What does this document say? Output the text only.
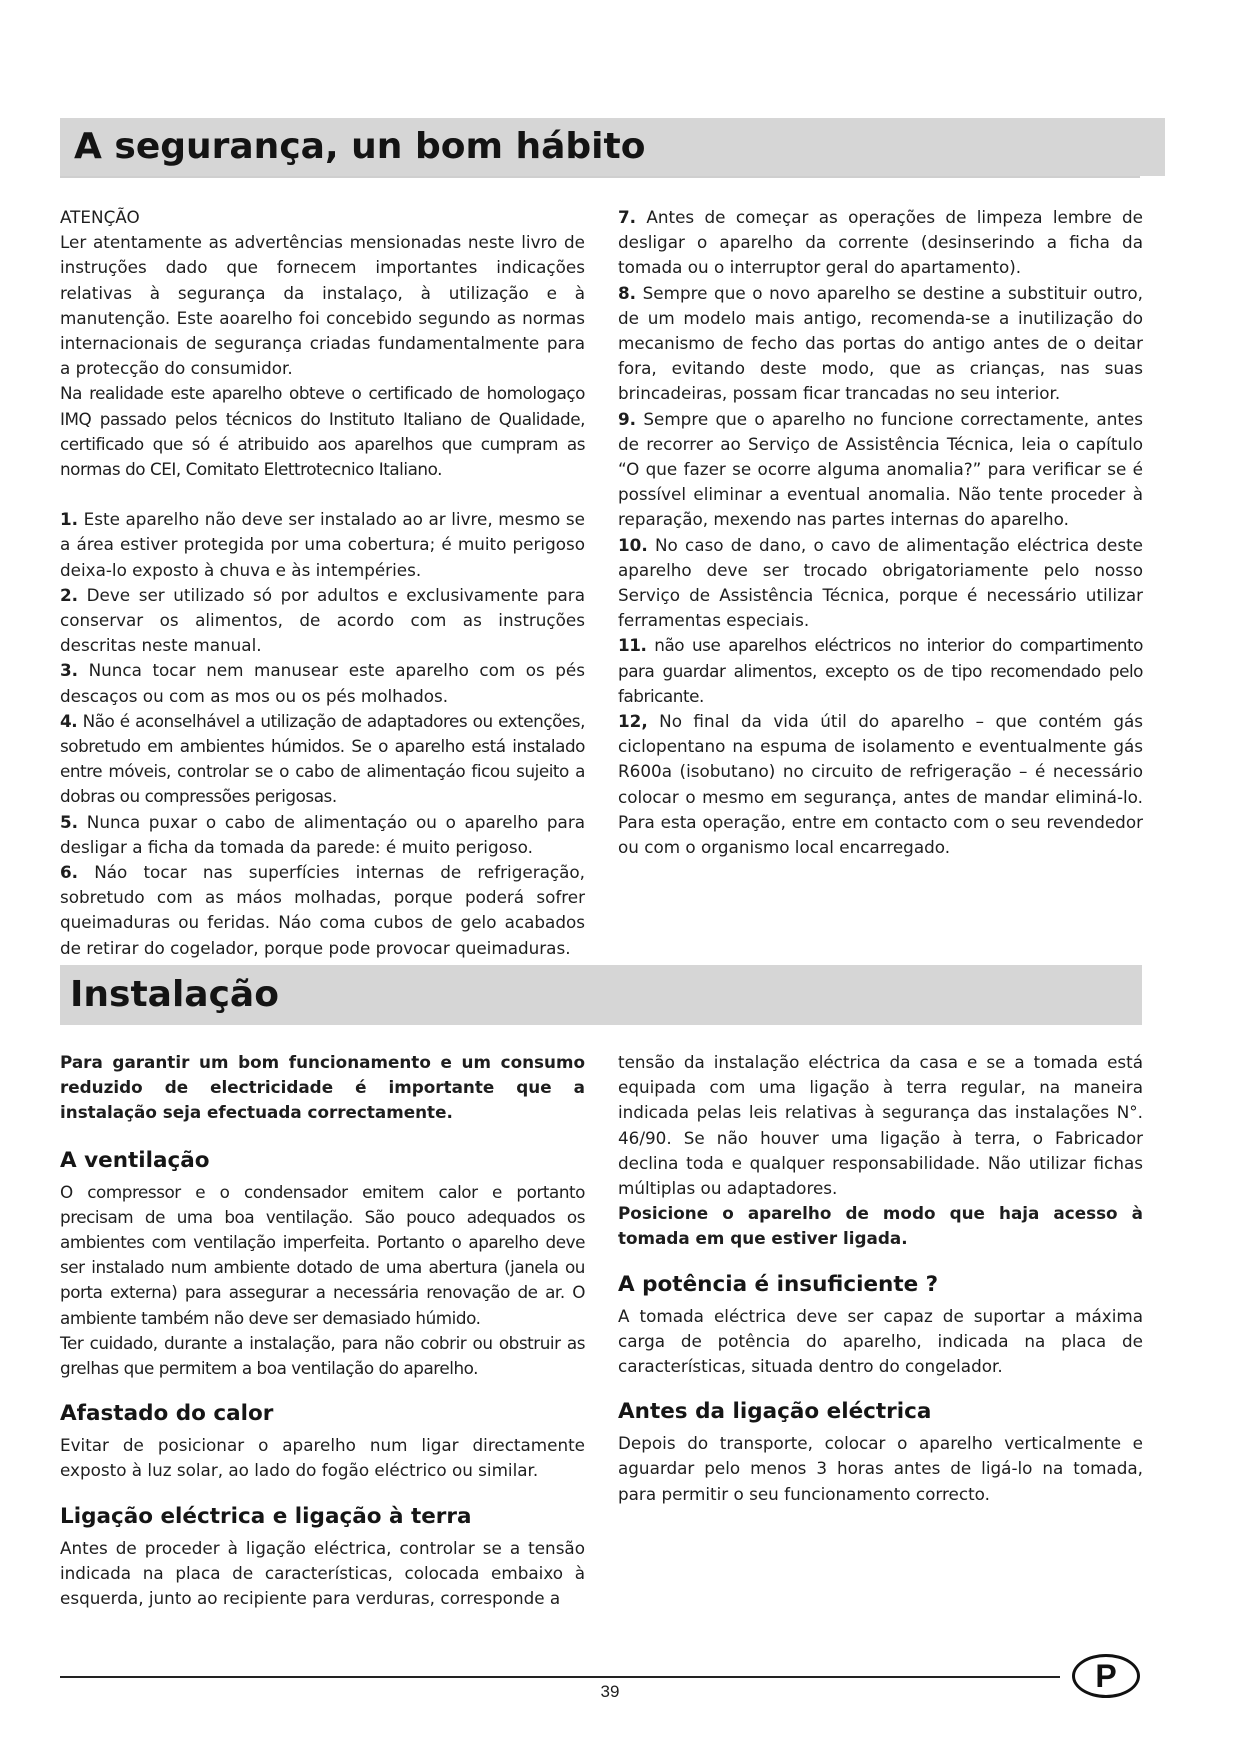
A segurança, un bom hábito

ATENÇÃO

Ler atentamente as advertências mensionadas neste livro de instruções dado que fornecem importantes indicações relativas à segurança da instalaço, à utilização e à manutenção. Este aoarelho foi concebido segundo as normas internacionais de segurança criadas fundamentalmente para a protecção do consumidor.

Na realidade este aparelho obteve o certificado de homologaço IMQ passado pelos técnicos do Instituto Italiano de Qualidade, certificado que só é atribuido aos aparelhos que cumpram as normas do CEI, Comitato Elettrotecnico Italiano.

1. Este aparelho não deve ser instalado ao ar livre, mesmo se a área estiver protegida por uma cobertura; é muito perigoso deixa-lo exposto à chuva e às intempéries.

2. Deve ser utilizado só por adultos e exclusivamente para conservar os alimentos, de acordo com as instruções descritas neste manual.

3. Nunca tocar nem manusear este aparelho com os pés descaços ou com as mos ou os pés molhados.

4. Não é aconselhável a utilização de adaptadores ou extenções, sobretudo em ambientes húmidos. Se o aparelho está instalado entre móveis, controlar se o cabo de alimentaçáo ficou sujeito a dobras ou compressões perigosas.

5. Nunca puxar o cabo de alimentaçáo ou o aparelho para desligar a ficha da tomada da parede: é muito perigoso.

6. Náo tocar nas superfícies internas de refrigeração, sobretudo com as máos molhadas, porque poderá sofrer queimaduras ou feridas. Náo coma cubos de gelo acabados de retirar do cogelador, porque pode provocar queimaduras.

7. Antes de começar as operações de limpeza lembre de desligar o aparelho da corrente (desinserindo a ficha da tomada ou o interruptor geral do apartamento).

8. Sempre que o novo aparelho se destine a substituir outro, de um modelo mais antigo, recomenda-se a inutilização do mecanismo de fecho das portas do antigo antes de o deitar fora, evitando deste modo, que as crianças, nas suas brincadeiras, possam ficar trancadas no seu interior.

9. Sempre que o aparelho no funcione correctamente, antes de recorrer ao Serviço de Assistência Técnica, leia o capítulo “O que fazer se ocorre alguma anomalia?” para verificar se é possível eliminar a eventual anomalia. Não tente proceder à reparação, mexendo nas partes internas do aparelho.

10. No caso de dano, o cavo de alimentação eléctrica deste aparelho deve ser trocado obrigatoriamente pelo nosso Serviço de Assistência Técnica, porque é necessário utilizar ferramentas especiais.

11. não use aparelhos eléctricos no interior do compartimento para guardar alimentos, excepto os de tipo recomendado pelo fabricante.

12, No final da vida útil do aparelho – que contém gás ciclopentano na espuma de isolamento e eventualmente gás R600a (isobutano) no circuito de refrigeração – é necessário colocar o mesmo em segurança, antes de mandar eliminá-lo. Para esta operação, entre em contacto com o seu revendedor ou com o organismo local encarregado.

Instalação

Para garantir um bom funcionamento e um consumo reduzido de electricidade é importante que a instalação seja efectuada correctamente.

A ventilação

O compressor e o condensador emitem calor e portanto precisam de uma boa ventilação. São pouco adequados os ambientes com ventilação imperfeita. Portanto o aparelho deve ser instalado num ambiente dotado de uma abertura (janela ou porta externa) para assegurar a necessária renovação de ar. O ambiente também não deve ser demasiado húmido.

Ter cuidado, durante a instalação, para não cobrir ou obstruir as grelhas que permitem a boa ventilação do aparelho.

Afastado do calor

Evitar de posicionar o aparelho num ligar directamente exposto à luz solar, ao lado do fogão eléctrico ou similar.

Ligação eléctrica e ligação à terra

Antes de proceder à ligação eléctrica, controlar se a tensão indicada na placa de características, colocada embaixo à esquerda, junto ao recipiente para verduras, corresponde a

tensão da instalação eléctrica da casa e se a tomada está equipada com uma ligação à terra regular, na maneira indicada pelas leis relativas à segurança das instalações N°. 46/90. Se não houver uma ligação à terra, o Fabricador declina toda e qualquer responsabilidade. Não utilizar fichas múltiplas ou adaptadores.

Posicione o aparelho de modo que haja acesso à tomada em que estiver ligada.

A potência é insuficiente ?

A tomada eléctrica deve ser capaz de suportar a máxima carga de potência do aparelho, indicada na placa de características, situada dentro do congelador.

Antes da ligação eléctrica

Depois do transporte, colocar o aparelho verticalmente e aguardar pelo menos 3 horas antes de ligá-lo na tomada, para permitir o seu funcionamento correcto.

39	P
